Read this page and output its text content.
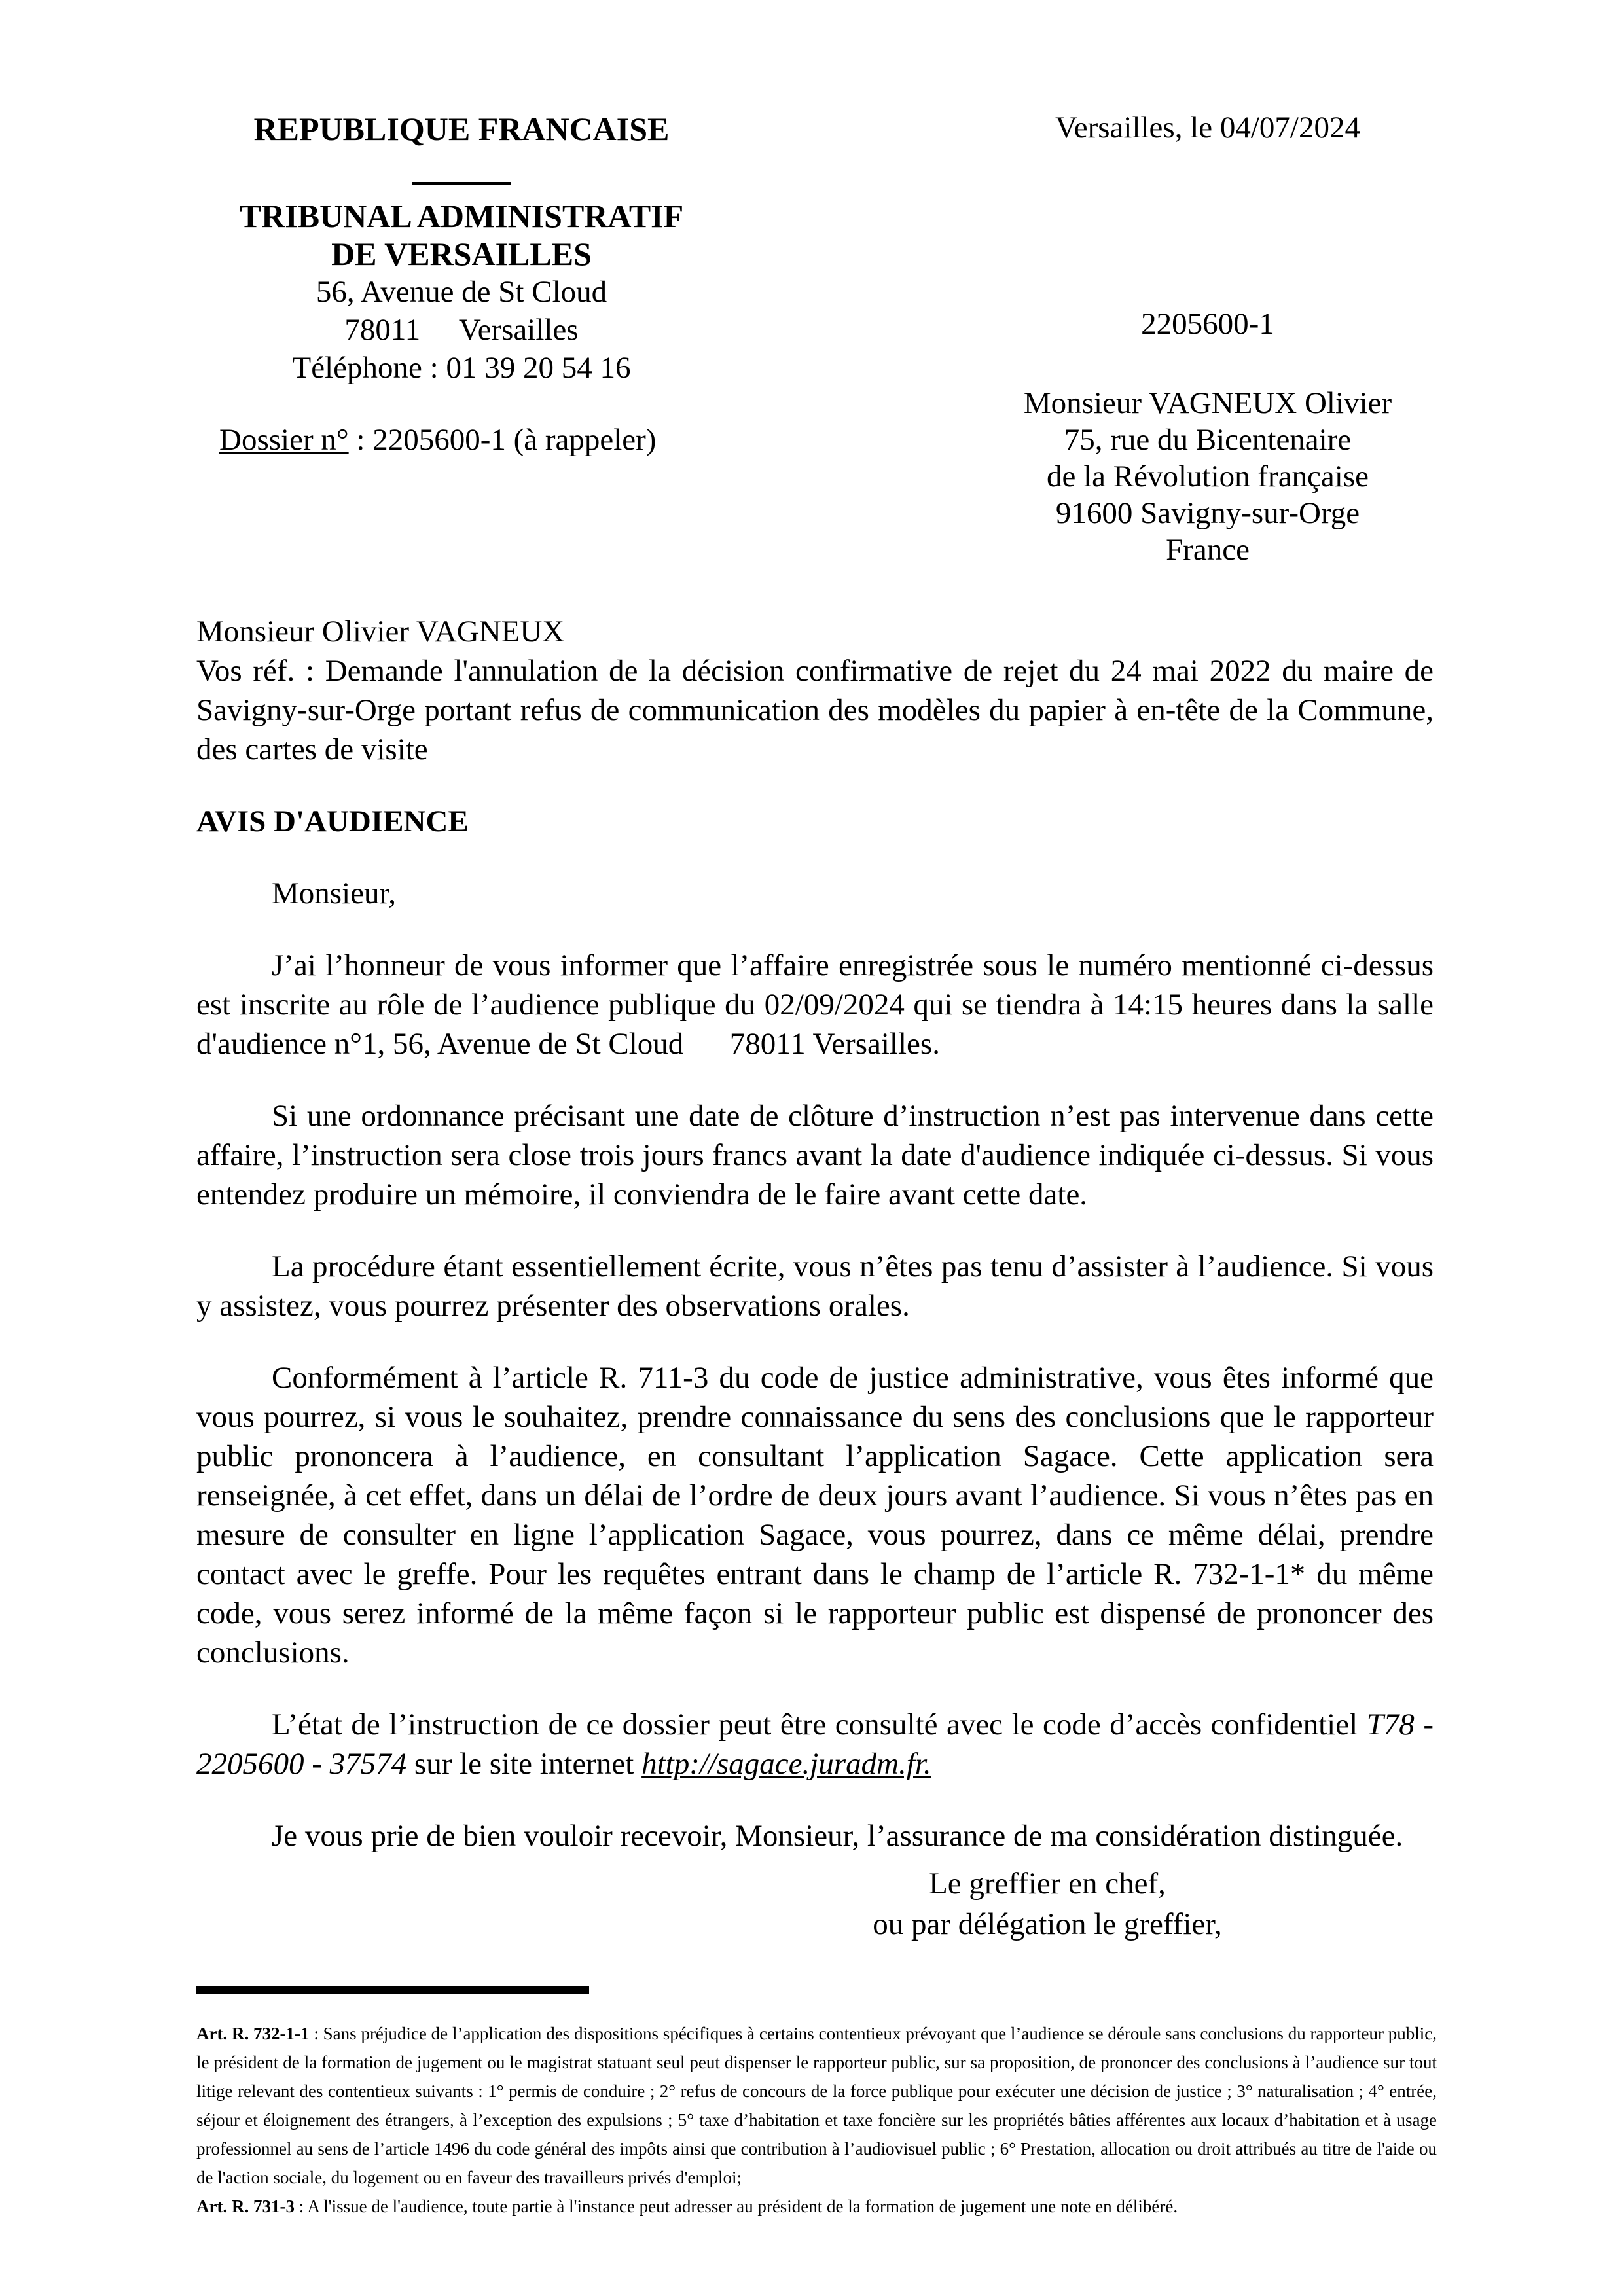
REPUBLIQUE FRANCAISE
TRIBUNAL ADMINISTRATIF
DE VERSAILLES
56, Avenue de St Cloud
78011     Versailles
Téléphone : 01 39 20 54 16
Versailles, le 04/07/2024
2205600-1
Monsieur VAGNEUX Olivier
75, rue du Bicentenaire
de la Révolution française
91600 Savigny-sur-Orge
France
Dossier n° : 2205600-1 (à rappeler)

Monsieur Olivier VAGNEUX

Vos réf. : Demande l'annulation de la décision confirmative de rejet du 24 mai 2022 du maire de Savigny-sur-Orge portant refus de communication des modèles du papier à en-tête de la Commune, des cartes de visite

AVIS D'AUDIENCE

Monsieur,

J’ai l’honneur de vous informer que l’affaire enregistrée sous le numéro mentionné ci-dessus est inscrite au rôle de l’audience publique du 02/09/2024 qui se tiendra à 14:15 heures dans la salle d'audience n°1, 56, Avenue de St Cloud      78011 Versailles.

Si une ordonnance précisant une date de clôture d’instruction n’est pas intervenue dans cette affaire, l’instruction sera close trois jours francs avant la date d'audience indiquée ci-dessus. Si vous entendez produire un mémoire, il conviendra de le faire avant cette date.

La procédure étant essentiellement écrite, vous n’êtes pas tenu d’assister à l’audience. Si vous y assistez, vous pourrez présenter des observations orales.

Conformément à l’article R. 711-3 du code de justice administrative, vous êtes informé que vous pourrez, si vous le souhaitez, prendre connaissance du sens des conclusions que le rapporteur public prononcera à l’audience, en consultant l’application Sagace. Cette application sera renseignée, à cet effet, dans un délai de l’ordre de deux jours avant l’audience. Si vous n’êtes pas en mesure de consulter en ligne l’application Sagace, vous pourrez, dans ce même délai, prendre contact avec le greffe. Pour les requêtes entrant dans le champ de l’article R. 732-1-1* du même code, vous serez informé de la même façon si le rapporteur public est dispensé de prononcer des conclusions.

L’état de l’instruction de ce dossier peut être consulté avec le code d’accès confidentiel T78 - 2205600 - 37574 sur le site internet http://sagace.juradm.fr.

Je vous prie de bien vouloir recevoir, Monsieur, l’assurance de ma considération distinguée.

Le greffier en chef,
ou par délégation le greffier,

Art. R. 732-1-1 : Sans préjudice de l’application des dispositions spécifiques à certains contentieux prévoyant que l’audience se déroule sans conclusions du rapporteur public, le président de la formation de jugement ou le magistrat statuant seul peut dispenser le rapporteur public, sur sa proposition, de prononcer des conclusions à l’audience sur tout litige relevant des contentieux suivants : 1° permis de conduire ; 2° refus de concours de la force publique pour exécuter une décision de justice ; 3° naturalisation ; 4° entrée, séjour et éloignement des étrangers, à l’exception des expulsions ; 5° taxe d’habitation et taxe foncière sur les propriétés bâties afférentes aux locaux d’habitation et à usage professionnel au sens de l’article 1496 du code général des impôts ainsi que contribution à l’audiovisuel public ; 6° Prestation, allocation ou droit attribués au titre de l'aide ou de l'action sociale, du logement ou en faveur des travailleurs privés d'emploi;

Art. R. 731-3 : A l'issue de l'audience, toute partie à l'instance peut adresser au président de la formation de jugement une note en délibéré.
